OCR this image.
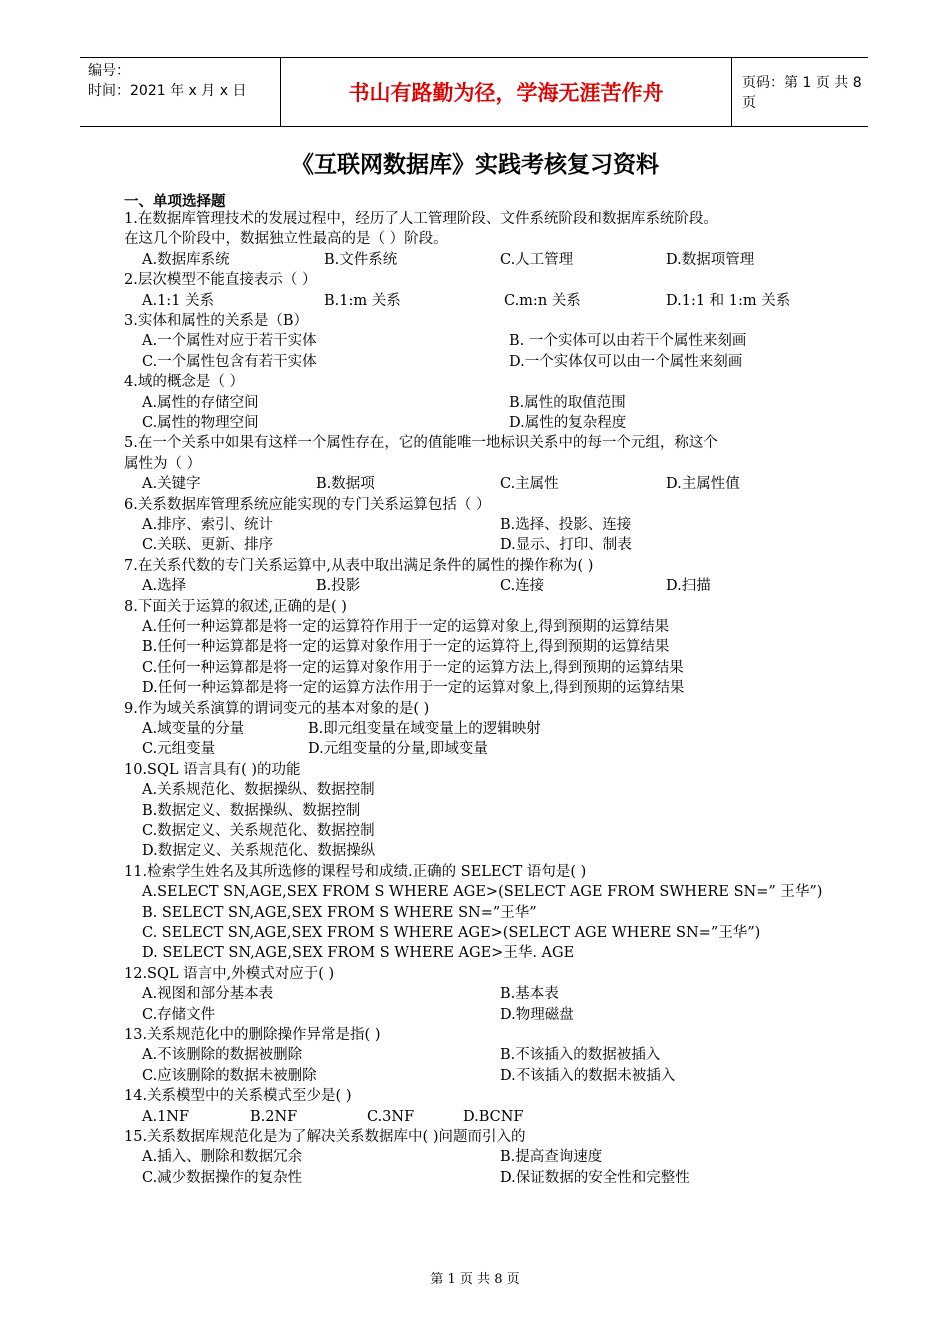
编号：
时间：2021 年 x 月 x 日	书山有路勤为径，学海无涯苦作舟	页码：第 1 页 共 8 页
《互联网数据库》实践考核复习资料
一、单项选择题
1.在数据库管理技术的发展过程中，经历了人工管理阶段、文件系统阶段和数据库系统阶段。
在这几个阶段中，数据独立性最高的是（ ）阶段。
A.数据库系统	B.文件系统	C.人工管理	D.数据项管理
2.层次模型不能直接表示（ ）
A.1:1 关系	B.1:m 关系	C.m:n 关系	D.1:1 和 1:m 关系
3.实体和属性的关系是（B）
A.一个属性对应于若干实体	B. 一个实体可以由若干个属性来刻画
C.一个属性包含有若干实体	D.一个实体仅可以由一个属性来刻画
4.域的概念是（ ）
A.属性的存储空间	B.属性的取值范围
C.属性的物理空间	D.属性的复杂程度
5.在一个关系中如果有这样一个属性存在，它的值能唯一地标识关系中的每一个元组，称这个
属性为（ ）
A.关键字	B.数据项	C.主属性	D.主属性值
6.关系数据库管理系统应能实现的专门关系运算包括（ ）
A.排序、索引、统计	B.选择、投影、连接
C.关联、更新、排序	D.显示、打印、制表
7.在关系代数的专门关系运算中,从表中取出满足条件的属性的操作称为( )
A.选择	B.投影	C.连接	D.扫描
8.下面关于运算的叙述,正确的是( )
A.任何一种运算都是将一定的运算符作用于一定的运算对象上,得到预期的运算结果
B.任何一种运算都是将一定的运算对象作用于一定的运算符上,得到预期的运算结果
C.任何一种运算都是将一定的运算对象作用于一定的运算方法上,得到预期的运算结果
D.任何一种运算都是将一定的运算方法作用于一定的运算对象上,得到预期的运算结果
9.作为域关系演算的谓词变元的基本对象的是( )
A.域变量的分量	B.即元组变量在域变量上的逻辑映射
C.元组变量	D.元组变量的分量,即域变量
10.SQL 语言具有( )的功能
A.关系规范化、数据操纵、数据控制
B.数据定义、数据操纵、数据控制
C.数据定义、关系规范化、数据控制
D.数据定义、关系规范化、数据操纵
11.检索学生姓名及其所选修的课程号和成绩.正确的 SELECT 语句是( )
A.SELECT SN,AGE,SEX FROM S WHERE AGE>(SELECT AGE FROM SWHERE SN=” 王华”)
B. SELECT SN,AGE,SEX FROM S WHERE SN=”王华”
C. SELECT SN,AGE,SEX FROM S WHERE AGE>(SELECT AGE WHERE SN=”王华”)
D. SELECT SN,AGE,SEX FROM S WHERE AGE>王华. AGE
12.SQL 语言中,外模式对应于( )
A.视图和部分基本表	B.基本表
C.存储文件	D.物理磁盘
13.关系规范化中的删除操作异常是指( )
A.不该删除的数据被删除	B.不该插入的数据被插入
C.应该删除的数据未被删除	D.不该插入的数据未被插入
14.关系模型中的关系模式至少是( )
A.1NF	B.2NF	C.3NF	D.BCNF
15.关系数据库规范化是为了解决关系数据库中( )问题而引入的
A.插入、删除和数据冗余	B.提高查询速度
C.减少数据操作的复杂性	D.保证数据的安全性和完整性
第 1 页 共 8 页
